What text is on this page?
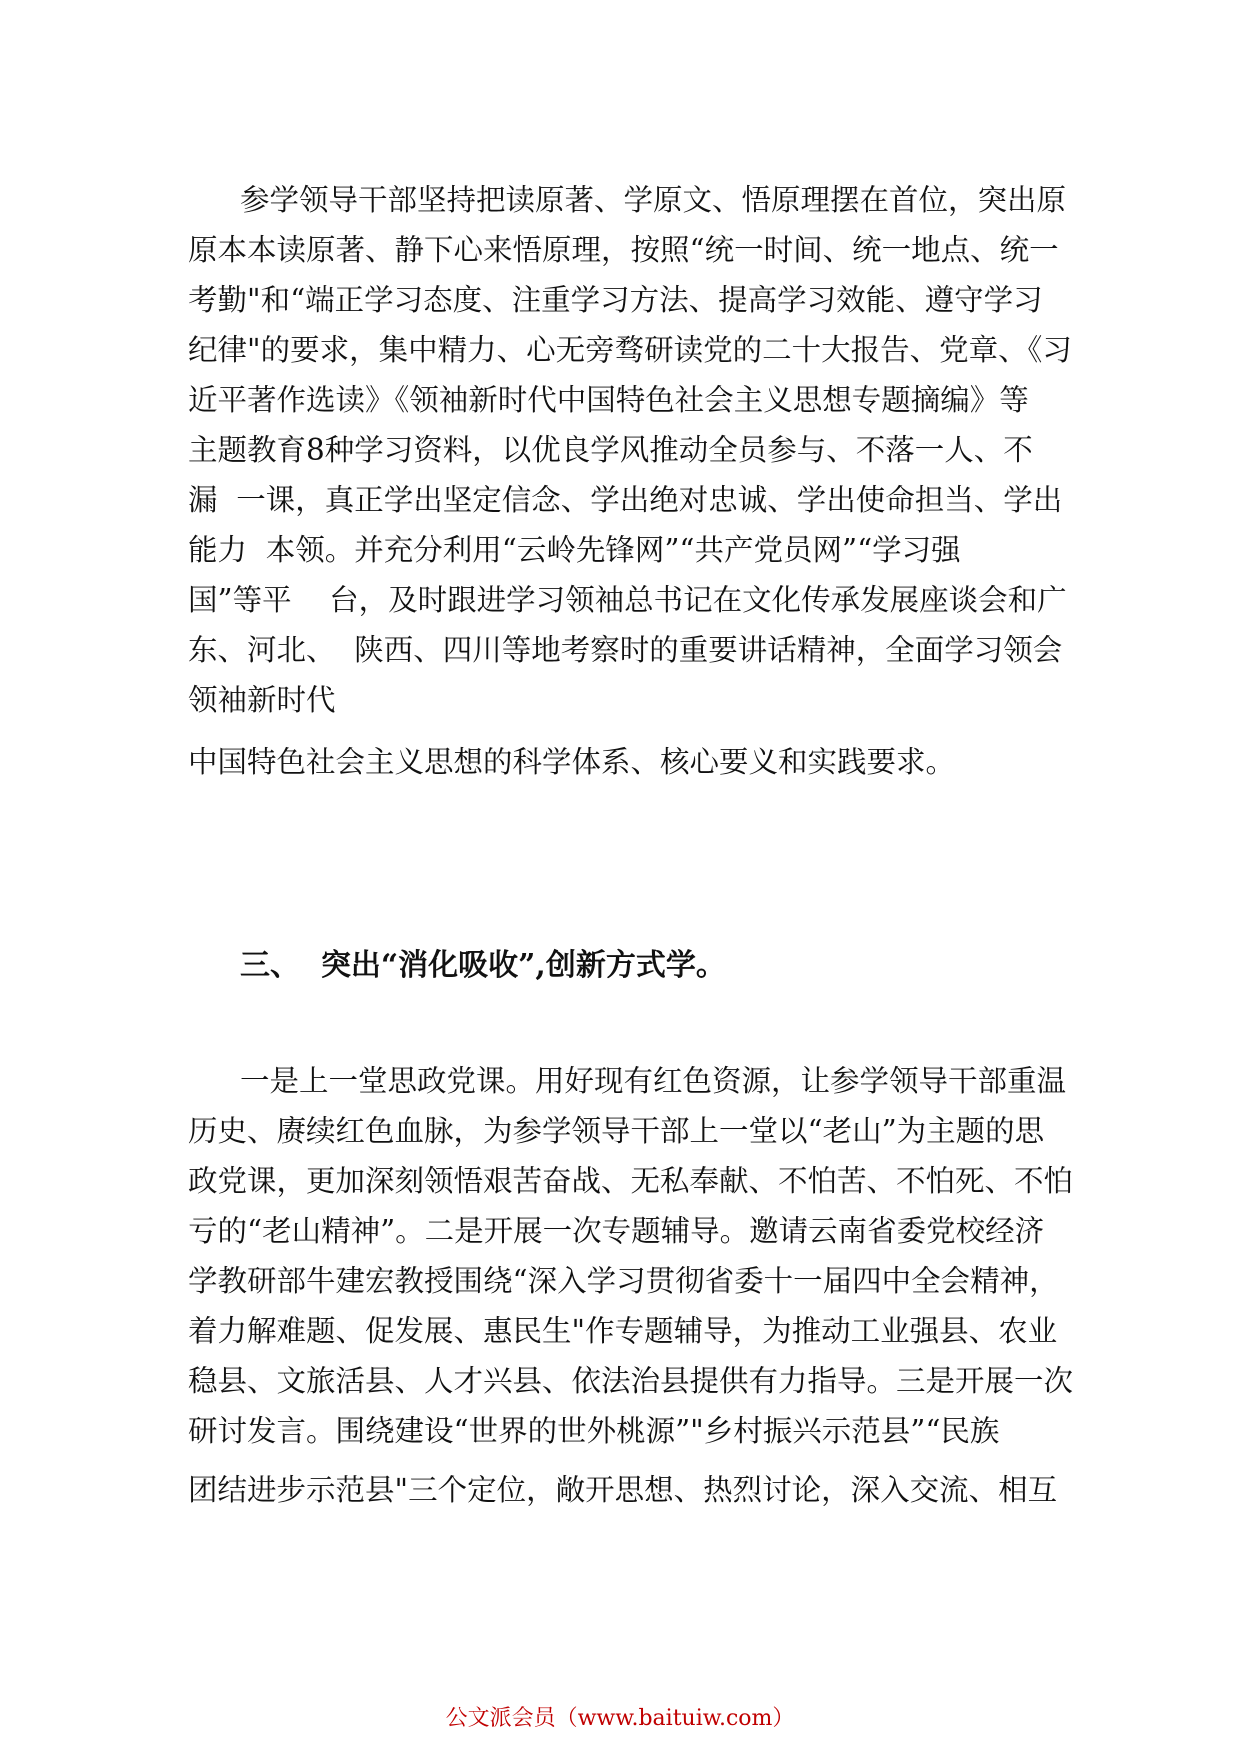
参学领导干部坚持把读原著、学原文、悟原理摆在首位，突出原

原本本读原著、静下心来悟原理，按照“统一时间、统一地点、统一

考勤"和“端正学习态度、注重学习方法、提高学习效能、遵守学习

纪律"的要求，集中精力、心无旁骛研读党的二十大报告、党章、《习

近平著作选读》《领袖新时代中国特色社会主义思想专题摘编》等

主题教育8种学习资料，以优良学风推动全员参与、不落一人、不

漏  一课，真正学出坚定信念、学出绝对忠诚、学出使命担当、学出

能力  本领。并充分利用“云岭先锋网”“共产党员网”“学习强

国”等平    台，及时跟进学习领袖总书记在文化传承发展座谈会和广

东、河北、  陕西、四川等地考察时的重要讲话精神，全面学习领会

领袖新时代

中国特色社会主义思想的科学体系、核心要义和实践要求。

三、  突出“消化吸收”,创新方式学。

一是上一堂思政党课。用好现有红色资源，让参学领导干部重温

历史、赓续红色血脉，为参学领导干部上一堂以“老山”为主题的思

政党课，更加深刻领悟艰苦奋战、无私奉献、不怕苦、不怕死、不怕

亏的“老山精神”。二是开展一次专题辅导。邀请云南省委党校经济

学教研部牛建宏教授围绕“深入学习贯彻省委十一届四中全会精神，

着力解难题、促发展、惠民生"作专题辅导，为推动工业强县、农业

稳县、文旅活县、人才兴县、依法治县提供有力指导。三是开展一次

研讨发言。围绕建设“世界的世外桃源”"乡村振兴示范县”“民族

团结进步示范县"三个定位，敞开思想、热烈讨论，深入交流、相互

公文派会员（www.baituiw.com）
